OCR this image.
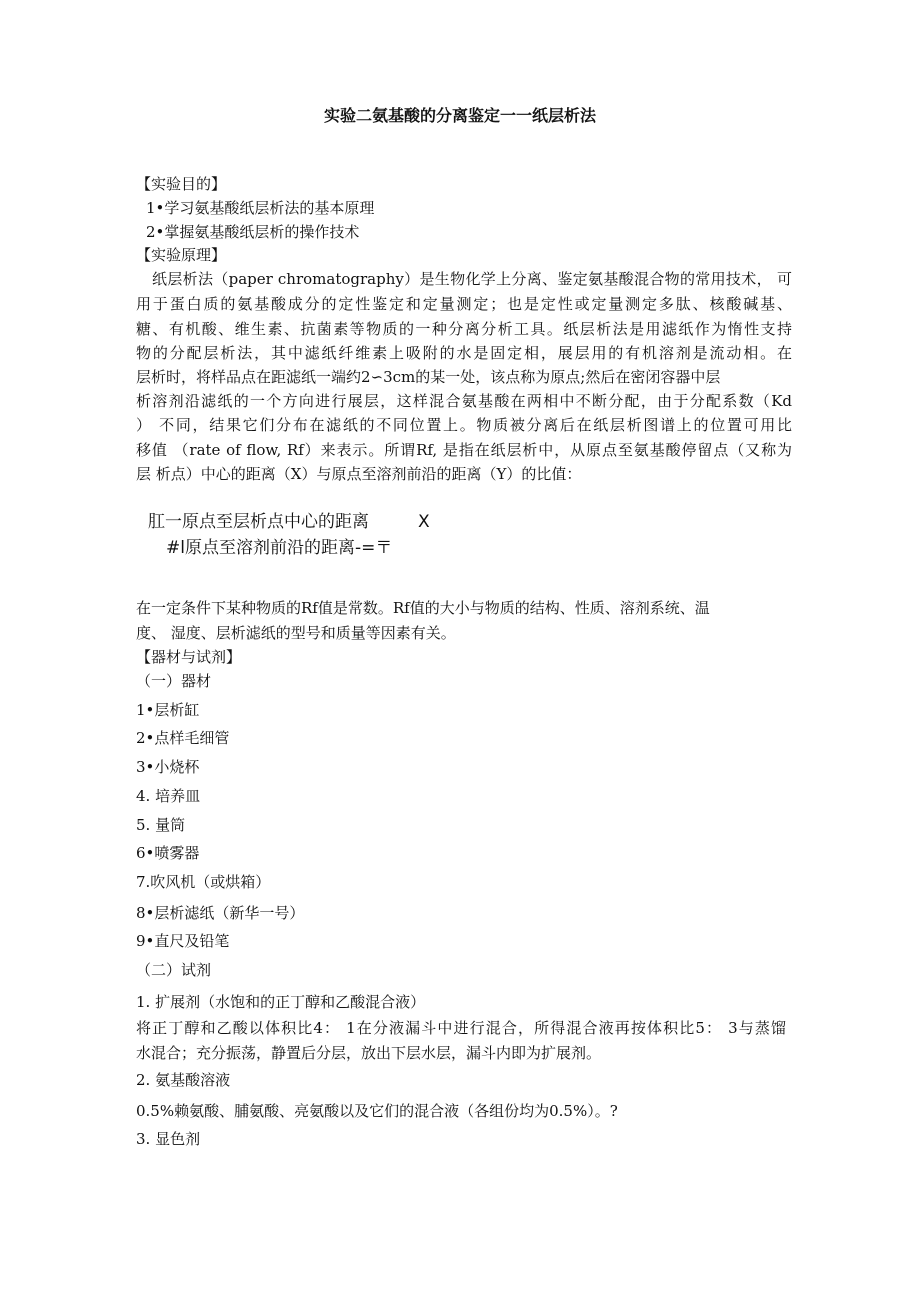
实验二氨基酸的分离鉴定一一纸层析法
【实验目的】
1•学习氨基酸纸层析法的基本原理
2•掌握氨基酸纸层析的操作技术
【实验原理】
纸层析法（paper chromatography）是生物化学上分离、鉴定氨基酸混合物的常用技术， 可
用于蛋白质的氨基酸成分的定性鉴定和定量测定；也是定性或定量测定多肽、核酸碱基、
糖、有机酸、维生素、抗菌素等物质的一种分离分析工具。纸层析法是用滤纸作为惰性支持
物的分配层析法，其中滤纸纤维素上吸附的水是固定相，展层用的有机溶剂是流动相。在
层析时，将样品点在距滤纸一端约2∽3cm的某一处，该点称为原点;然后在密闭容器中层
析溶剂沿滤纸的一个方向进行展层，这样混合氨基酸在两相中不断分配，由于分配系数（Kd
） 不同，结果它们分布在滤纸的不同位置上。物质被分离后在纸层析图谱上的位置可用比
移值 （rate of flow, Rf）来表示。所谓Rf, 是指在纸层析中，从原点至氨基酸停留点（又称为
层 析点）中心的距离（X）与原点至溶剂前沿的距离（Y）的比值：
肛一原点至层析点中心的距离	X
#l原点至溶剂前沿的距离-=〒
在一定条件下某种物质的Rf值是常数。Rf值的大小与物质的结构、性质、溶剂系统、温
度、 湿度、层析滤纸的型号和质量等因素有关。
【器材与试剂】
（一）器材
1•层析缸
2•点样毛细管
3•小烧杯
4. 培养皿
5. 量筒
6•喷雾器
7.吹风机（或烘箱）
8•层析滤纸（新华一号）
9•直尺及铅笔
（二）试剂
1. 扩展剂（水饱和的正丁醇和乙酸混合液）
将正丁醇和乙酸以体积比4： 1在分液漏斗中进行混合，所得混合液再按体积比5： 3与蒸馏
水混合；充分振荡，静置后分层，放出下层水层，漏斗内即为扩展剂。
2. 氨基酸溶液
0.5%赖氨酸、脯氨酸、亮氨酸以及它们的混合液（各组份均为0.5%）。?
3. 显色剂
